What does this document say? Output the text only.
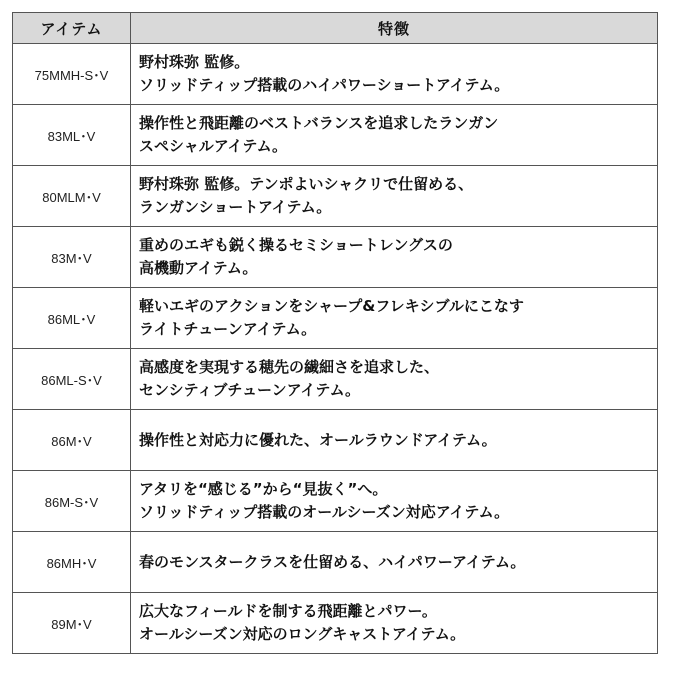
アイテム	特徴
75MMH-S･V	野村珠弥 監修。
ソリッドティップ搭載のハイパワーショートアイテム。

83ML･V	操作性と飛距離のベストバランスを追求したランガン
スペシャルアイテム。

80MLM･V	野村珠弥 監修。テンポよいシャクリで仕留める、
ランガンショートアイテム。

83M･V	重めのエギも鋭く操るセミショートレングスの
高機動アイテム。

86ML･V	軽いエギのアクションをシャープ&フレキシブルにこなす
ライトチューンアイテム。

86ML-S･V	高感度を実現する穂先の繊細さを追求した、
センシティブチューンアイテム。

86M･V	操作性と対応力に優れた、オールラウンドアイテム。

86M-S･V	アタリを“感じる”から“見抜く”へ。
ソリッドティップ搭載のオールシーズン対応アイテム。

86MH･V	春のモンスタークラスを仕留める、ハイパワーアイテム。

89M･V	広大なフィールドを制する飛距離とパワー。
オールシーズン対応のロングキャストアイテム。
